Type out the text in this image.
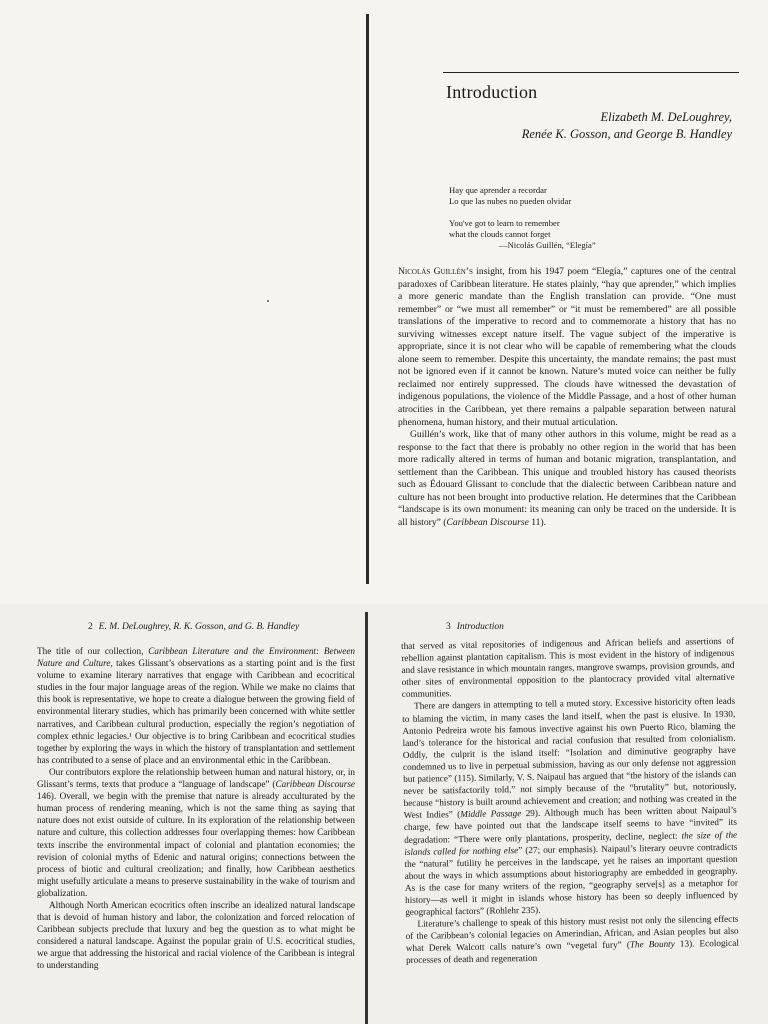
Introduction
Elizabeth M. DeLoughrey,
Renée K. Gosson, and George B. Handley
Hay que aprender a recordar
Lo que las nubes no pueden olvidar
You've got to learn to remember
what the clouds cannot forget
—Nicolás Guillén, “Elegía”

Nicolás Guillén’s insight, from his 1947 poem “Elegía,” captures one of the central paradoxes of Caribbean literature. He states plainly, “hay que aprender,” which implies a more generic mandate than the English translation can provide. “One must remember” or “we must all remember” or “it must be remembered” are all possible translations of the imperative to record and to commemorate a history that has no surviving witnesses except nature itself. The vague subject of the imperative is appropriate, since it is not clear who will be capable of remembering what the clouds alone seem to remember. Despite this uncertainty, the mandate remains; the past must not be ignored even if it cannot be known. Nature’s muted voice can neither be fully reclaimed nor entirely suppressed. The clouds have witnessed the devastation of indigenous populations, the violence of the Middle Passage, and a host of other human atrocities in the Caribbean, yet there remains a palpable separation between natural phenomena, human history, and their mutual articulation.

Guillén’s work, like that of many other authors in this volume, might be read as a response to the fact that there is probably no other region in the world that has been more radically altered in terms of human and botanic migration, transplantation, and settlement than the Caribbean. This unique and troubled history has caused theorists such as Édouard Glissant to conclude that the dialectic between Caribbean nature and culture has not been brought into productive relation. He determines that the Caribbean “landscape is its own monument: its meaning can only be traced on the underside. It is all history” (Caribbean Discourse 11).

2 E. M. DeLoughrey, R. K. Gosson, and G. B. Handley

The title of our collection, Caribbean Literature and the Environment: Between Nature and Culture, takes Glissant’s observations as a starting point and is the first volume to examine literary narratives that engage with Caribbean and ecocritical studies in the four major language areas of the region. While we make no claims that this book is representative, we hope to create a dialogue between the growing field of environmental literary studies, which has primarily been concerned with white settler narratives, and Caribbean cultural production, especially the region’s negotiation of complex ethnic legacies.¹ Our objective is to bring Caribbean and ecocritical studies together by exploring the ways in which the history of transplantation and settlement has contributed to a sense of place and an environmental ethic in the Caribbean.

Our contributors explore the relationship between human and natural history, or, in Glissant’s terms, texts that produce a “language of landscape” (Caribbean Discourse 146). Overall, we begin with the premise that nature is already acculturated by the human process of rendering meaning, which is not the same thing as saying that nature does not exist outside of culture. In its exploration of the relationship between nature and culture, this collection addresses four overlapping themes: how Caribbean texts inscribe the environmental impact of colonial and plantation economies; the revision of colonial myths of Edenic and natural origins; connections between the process of biotic and cultural creolization; and finally, how Caribbean aesthetics might usefully articulate a means to preserve sustainability in the wake of tourism and globalization.

Although North American ecocritics often inscribe an idealized natural landscape that is devoid of human history and labor, the colonization and forced relocation of Caribbean subjects preclude that luxury and beg the question as to what might be considered a natural landscape. Against the popular grain of U.S. ecocritical studies, we argue that addressing the historical and racial violence of the Caribbean is integral to understanding

3 Introduction

that served as vital repositories of indigenous and African beliefs and assertions of rebellion against plantation capitalism. This is most evident in the history of indigenous and slave resistance in which mountain ranges, mangrove swamps, provision grounds, and other sites of environmental opposition to the plantocracy provided vital alternative communities.

There are dangers in attempting to tell a muted story. Excessive historicity often leads to blaming the victim, in many cases the land itself, when the past is elusive. In 1930, Antonio Pedreira wrote his famous invective against his own Puerto Rico, blaming the land’s tolerance for the historical and racial confusion that resulted from colonialism. Oddly, the culprit is the island itself: “Isolation and diminutive geography have condemned us to live in perpetual submission, having as our only defense not aggression but patience” (115). Similarly, V. S. Naipaul has argued that “the history of the islands can never be satisfactorily told,” not simply because of the “brutality” but, notoriously, because “history is built around achievement and creation; and nothing was created in the West Indies” (Middle Passage 29). Although much has been written about Naipaul’s charge, few have pointed out that the landscape itself seems to have “invited” its degradation: “There were only plantations, prosperity, decline, neglect: the size of the islands called for nothing else” (27; our emphasis). Naipaul’s literary oeuvre contradicts the “natural” futility he perceives in the landscape, yet he raises an important question about the ways in which assumptions about historiography are embedded in geography. As is the case for many writers of the region, “geography serve[s] as a metaphor for history—as well it might in islands whose history has been so deeply influenced by geographical factors” (Rohlehr 235).

Literature’s challenge to speak of this history must resist not only the silencing effects of the Caribbean’s colonial legacies on Amerindian, African, and Asian peoples but also what Derek Walcott calls nature’s own “vegetal fury” (The Bounty 13). Ecological processes of death and regeneration
